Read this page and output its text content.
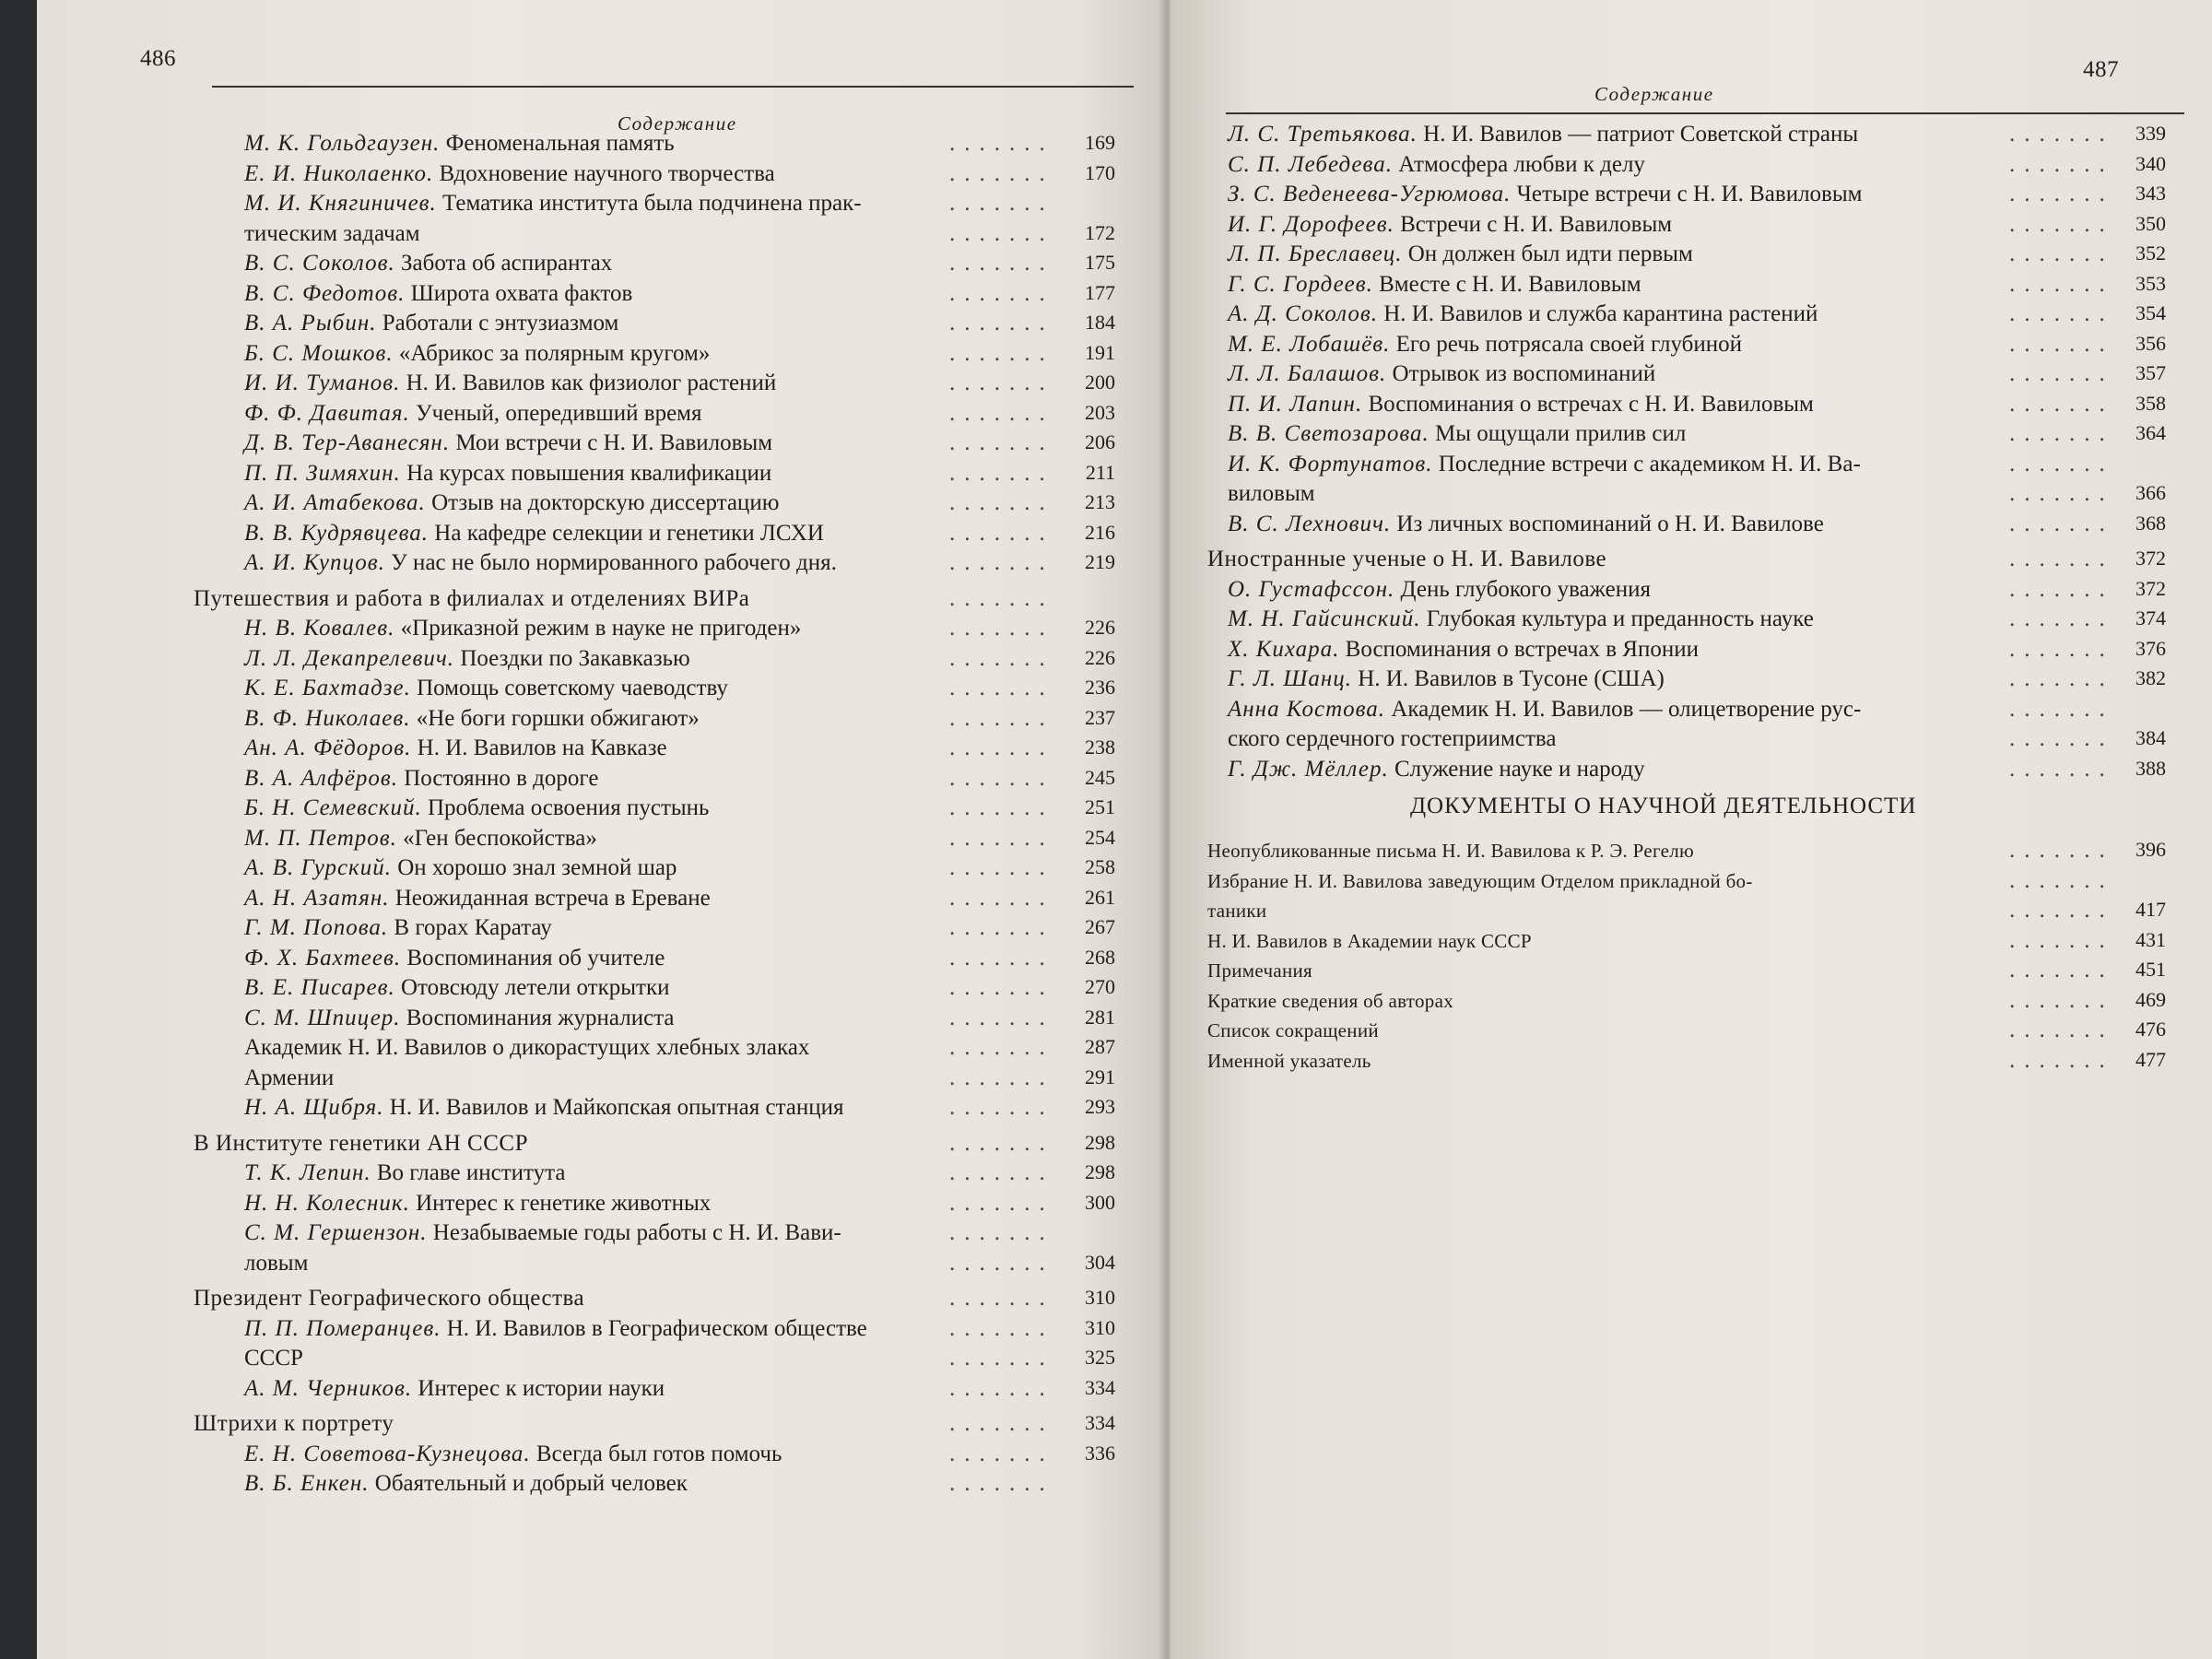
486
Содержание
М. К. Гольдгаузен. Феноменальная память	.......	169
Е. И. Николаенко. Вдохновение научного творчества	.......	170
М. И. Княгиничев. Тематика института была подчинена прак-	.......
тическим задачам	.......	172
В. С. Соколов. Забота об аспирантах	.......	175
В. С. Федотов. Широта охвата фактов	.......	177
В. А. Рыбин. Работали с энтузиазмом	.......	184
Б. С. Мошков. «Абрикос за полярным кругом»	.......	191
И. И. Туманов. Н. И. Вавилов как физиолог растений	.......	200
Ф. Ф. Давитая. Ученый, опередивший время	.......	203
Д. В. Тер-Аванесян. Мои встречи с Н. И. Вавиловым	.......	206
П. П. Зимяхин. На курсах повышения квалификации	.......	211
А. И. Атабекова. Отзыв на докторскую диссертацию	.......	213
В. В. Кудрявцева. На кафедре селекции и генетики ЛСХИ	.......	216
А. И. Купцов. У нас не было нормированного рабочего дня.	.......	219
Путешествия и работа в филиалах и отделениях ВИРа	.......
Н. В. Ковалев. «Приказной режим в науке не пригоден»	.......	226
Л. Л. Декапрелевич. Поездки по Закавказью	.......	226
К. Е. Бахтадзе. Помощь советскому чаеводству	.......	236
В. Ф. Николаев. «Не боги горшки обжигают»	.......	237
Ан. А. Фёдоров. Н. И. Вавилов на Кавказе	.......	238
В. А. Алфёров. Постоянно в дороге	.......	245
Б. Н. Семевский. Проблема освоения пустынь	.......	251
М. П. Петров. «Ген беспокойства»	.......	254
А. В. Гурский. Он хорошо знал земной шар	.......	258
А. Н. Азатян. Неожиданная встреча в Ереване	.......	261
Г. М. Попова. В горах Каратау	.......	267
Ф. Х. Бахтеев. Воспоминания об учителе	.......	268
В. Е. Писарев. Отовсюду летели открытки	.......	270
С. М. Шпицер. Воспоминания журналиста	.......	281
Академик Н. И. Вавилов о дикорастущих хлебных злаках	.......	287
Армении	.......	291
Н. А. Щибря. Н. И. Вавилов и Майкопская опытная станция	.......	293
В Институте генетики АН СССР	.......	298
Т. К. Лепин. Во главе института	.......	298
Н. Н. Колесник. Интерес к генетике животных	.......	300
С. М. Гершензон. Незабываемые годы работы с Н. И. Вави-	.......
ловым	.......	304
Президент Географического общества	.......	310
П. П. Померанцев. Н. И. Вавилов в Географическом обществе	.......	310
СССР	.......	325
А. М. Черников. Интерес к истории науки	.......	334
Штрихи к портрету	.......	334
Е. Н. Советова-Кузнецова. Всегда был готов помочь	.......	336
В. Б. Енкен. Обаятельный и добрый человек	.......
487
Содержание
Л. С. Третьякова. Н. И. Вавилов — патриот Советской страны	.......	339
С. П. Лебедева. Атмосфера любви к делу	.......	340
З. С. Веденеева-Угрюмова. Четыре встречи с Н. И. Вавиловым	.......	343
И. Г. Дорофеев. Встречи с Н. И. Вавиловым	.......	350
Л. П. Бреславец. Он должен был идти первым	.......	352
Г. С. Гордеев. Вместе с Н. И. Вавиловым	.......	353
А. Д. Соколов. Н. И. Вавилов и служба карантина растений	.......	354
М. Е. Лобашёв. Его речь потрясала своей глубиной	.......	356
Л. Л. Балашов. Отрывок из воспоминаний	.......	357
П. И. Лапин. Воспоминания о встречах с Н. И. Вавиловым	.......	358
В. В. Светозарова. Мы ощущали прилив сил	.......	364
И. К. Фортунатов. Последние встречи с академиком Н. И. Ва-	.......
виловым	.......	366
В. С. Лехнович. Из личных воспоминаний о Н. И. Вавилове	.......	368
Иностранные ученые о Н. И. Вавилове	.......	372
О. Густафссон. День глубокого уважения	.......	372
М. Н. Гайсинский. Глубокая культура и преданность науке	.......	374
Х. Кихара. Воспоминания о встречах в Японии	.......	376
Г. Л. Шанц. Н. И. Вавилов в Тусоне (США)	.......	382
Анна Костова. Академик Н. И. Вавилов — олицетворение рус-	.......
ского сердечного гостеприимства	.......	384
Г. Дж. Мёллер. Служение науке и народу	.......	388
ДОКУМЕНТЫ О НАУЧНОЙ ДЕЯТЕЛЬНОСТИ
Неопубликованные письма Н. И. Вавилова к Р. Э. Регелю	.......	396
Избрание Н. И. Вавилова заведующим Отделом прикладной бо-	.......
таники	.......	417
Н. И. Вавилов в Академии наук СССР	.......	431
Примечания	.......	451
Краткие сведения об авторах	.......	469
Список сокращений	.......	476
Именной указатель	.......	477
